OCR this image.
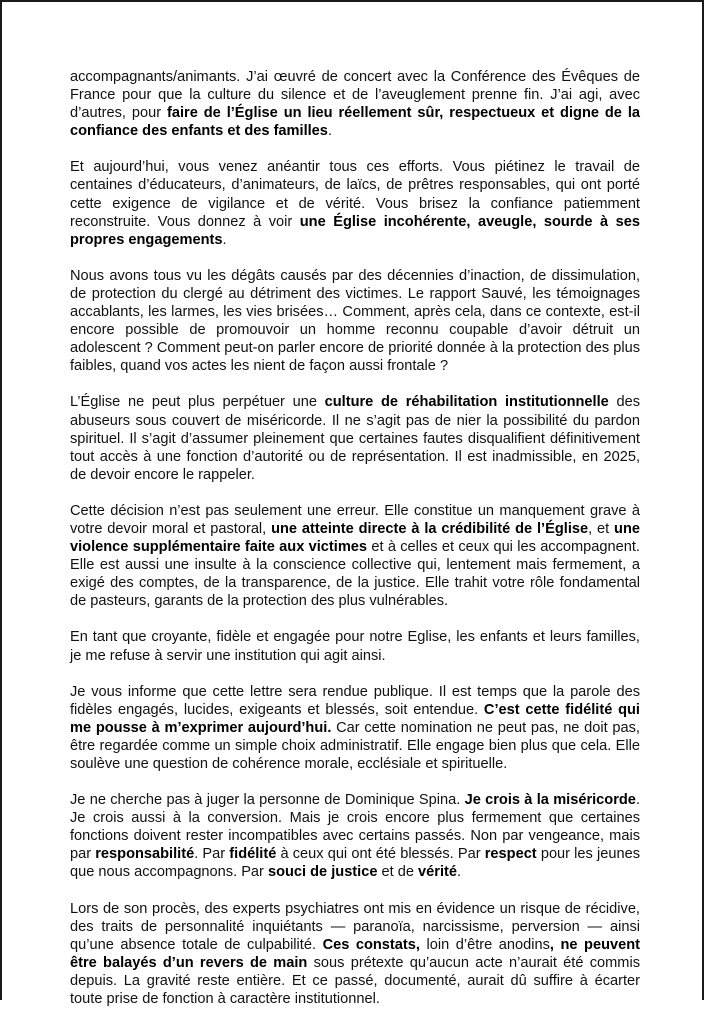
accompagnants/animants. J’ai œuvré de concert avec la Conférence des Évêques de France pour que la culture du silence et de l’aveuglement prenne fin. J’ai agi, avec d’autres, pour faire de l’Église un lieu réellement sûr, respectueux et digne de la confiance des enfants et des familles.

Et aujourd’hui, vous venez anéantir tous ces efforts. Vous piétinez le travail de centaines d’éducateurs, d’animateurs, de laïcs, de prêtres responsables, qui ont porté cette exigence de vigilance et de vérité. Vous brisez la confiance patiemment reconstruite. Vous donnez à voir une Église incohérente, aveugle, sourde à ses propres engagements.

Nous avons tous vu les dégâts causés par des décennies d’inaction, de dissimulation, de protection du clergé au détriment des victimes. Le rapport Sauvé, les témoignages accablants, les larmes, les vies brisées… Comment, après cela, dans ce contexte, est-il encore possible de promouvoir un homme reconnu coupable d’avoir détruit un adolescent ? Comment peut-on parler encore de priorité donnée à la protection des plus faibles, quand vos actes les nient de façon aussi frontale ?

L’Église ne peut plus perpétuer une culture de réhabilitation institutionnelle des abuseurs sous couvert de miséricorde. Il ne s’agit pas de nier la possibilité du pardon spirituel. Il s’agit d’assumer pleinement que certaines fautes disqualifient définitivement tout accès à une fonction d’autorité ou de représentation. Il est inadmissible, en 2025, de devoir encore le rappeler.

Cette décision n’est pas seulement une erreur. Elle constitue un manquement grave à votre devoir moral et pastoral, une atteinte directe à la crédibilité de l’Église, et une violence supplémentaire faite aux victimes et à celles et ceux qui les accompagnent. Elle est aussi une insulte à la conscience collective qui, lentement mais fermement, a exigé des comptes, de la transparence, de la justice. Elle trahit votre rôle fondamental de pasteurs, garants de la protection des plus vulnérables.

En tant que croyante, fidèle et engagée pour notre Eglise, les enfants et leurs familles, je me refuse à servir une institution qui agit ainsi.

Je vous informe que cette lettre sera rendue publique. Il est temps que la parole des fidèles engagés, lucides, exigeants et blessés, soit entendue. C’est cette fidélité qui me pousse à m’exprimer aujourd’hui. Car cette nomination ne peut pas, ne doit pas, être regardée comme un simple choix administratif. Elle engage bien plus que cela. Elle soulève une question de cohérence morale, ecclésiale et spirituelle.

Je ne cherche pas à juger la personne de Dominique Spina. Je crois à la miséricorde. Je crois aussi à la conversion. Mais je crois encore plus fermement que certaines fonctions doivent rester incompatibles avec certains passés. Non par vengeance, mais par responsabilité. Par fidélité à ceux qui ont été blessés. Par respect pour les jeunes que nous accompagnons. Par souci de justice et de vérité.

Lors de son procès, des experts psychiatres ont mis en évidence un risque de récidive, des traits de personnalité inquiétants — paranoïa, narcissisme, perversion — ainsi qu’une absence totale de culpabilité. Ces constats, loin d’être anodins, ne peuvent être balayés d’un revers de main sous prétexte qu’aucun acte n’aurait été commis depuis. La gravité reste entière. Et ce passé, documenté, aurait dû suffire à écarter toute prise de fonction à caractère institutionnel.
